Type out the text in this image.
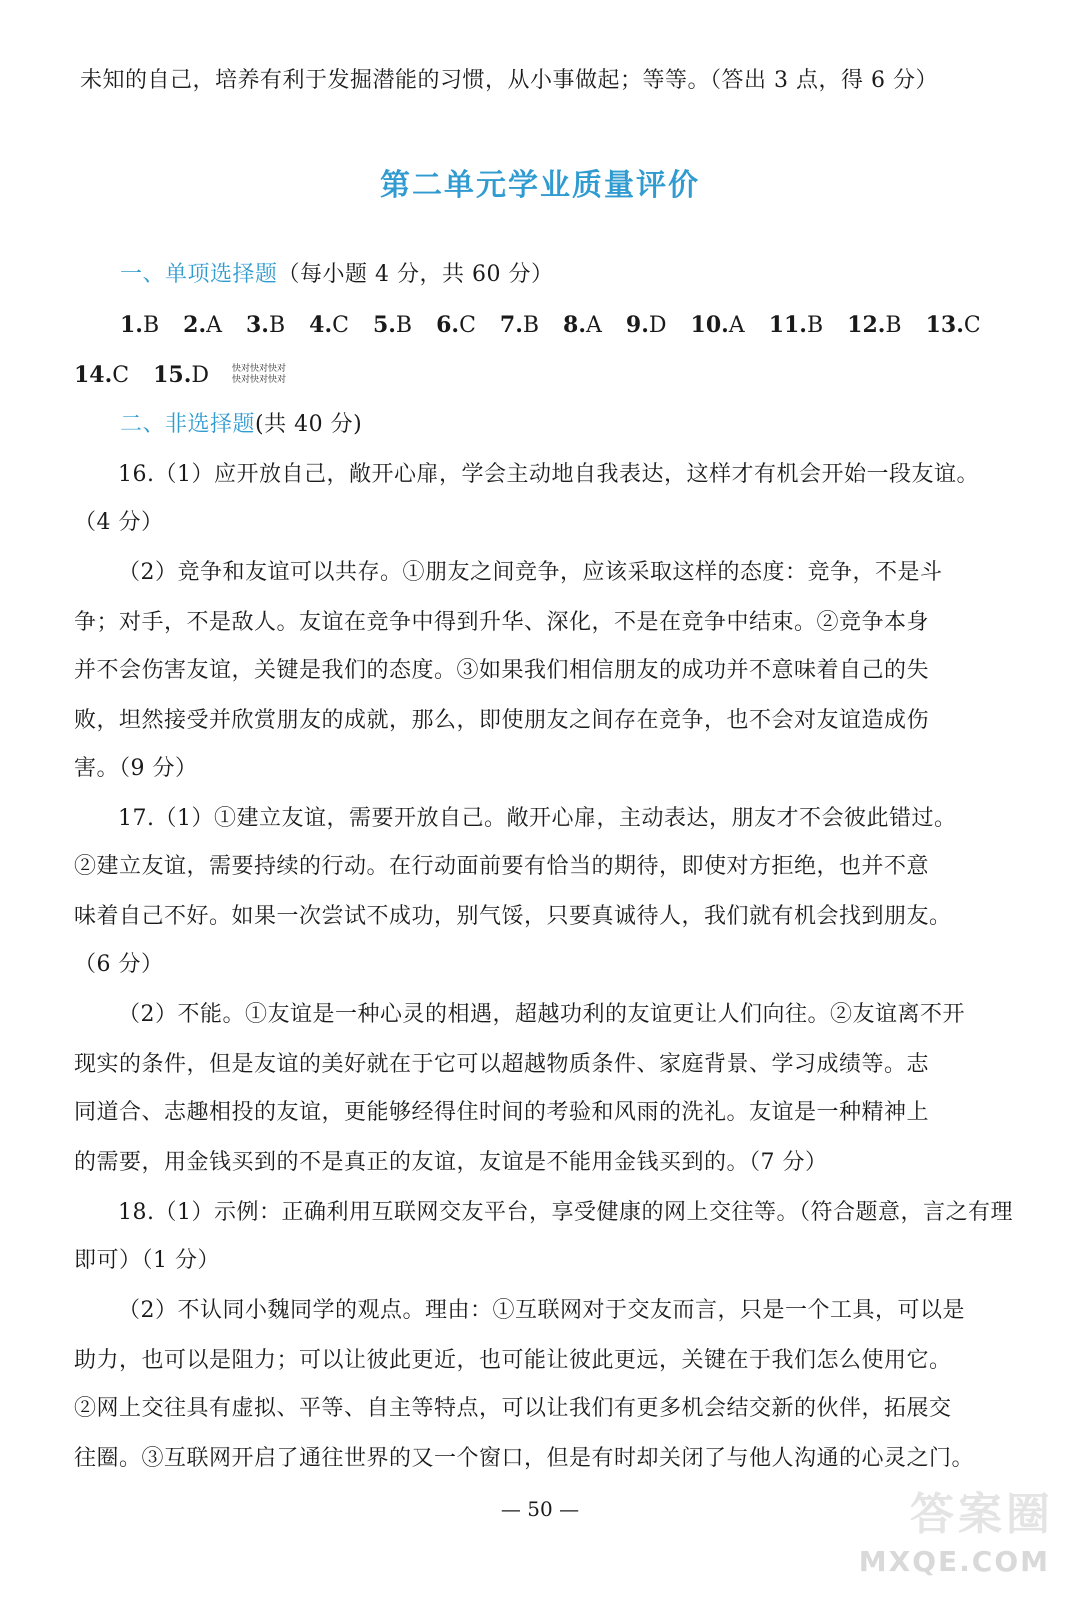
未知的自己，培养有利于发掘潜能的习惯，从小事做起；等等。（答出 3 点，得 6 分）
第二单元学业质量评价
一、单项选择题（每小题 4 分，共 60 分）
1.B 2.A 3.B 4.C 5.B 6.C 7.B 8.A 9.D 10.A 11.B 12.B 13.C
14.C 15.D	快对快对快对
快对快对快对
二、非选择题(共 40 分)
16.（1）应开放自己，敞开心扉，学会主动地自我表达，这样才有机会开始一段友谊。
（4 分）
（2）竞争和友谊可以共存。①朋友之间竞争，应该采取这样的态度：竞争，不是斗
争；对手，不是敌人。友谊在竞争中得到升华、深化，不是在竞争中结束。②竞争本身
并不会伤害友谊，关键是我们的态度。③如果我们相信朋友的成功并不意味着自己的失
败，坦然接受并欣赏朋友的成就，那么，即使朋友之间存在竞争，也不会对友谊造成伤
害。（9 分）
17.（1）①建立友谊，需要开放自己。敞开心扉，主动表达，朋友才不会彼此错过。
②建立友谊，需要持续的行动。在行动面前要有恰当的期待，即使对方拒绝，也并不意
味着自己不好。如果一次尝试不成功，别气馁，只要真诚待人，我们就有机会找到朋友。
（6 分）
（2）不能。①友谊是一种心灵的相遇，超越功利的友谊更让人们向往。②友谊离不开
现实的条件，但是友谊的美好就在于它可以超越物质条件、家庭背景、学习成绩等。志
同道合、志趣相投的友谊，更能够经得住时间的考验和风雨的洗礼。友谊是一种精神上
的需要，用金钱买到的不是真正的友谊，友谊是不能用金钱买到的。（7 分）
18.（1）示例：正确利用互联网交友平台，享受健康的网上交往等。（符合题意，言之有理
即可）（1 分）
（2）不认同小魏同学的观点。理由：①互联网对于交友而言，只是一个工具，可以是
助力，也可以是阻力；可以让彼此更近，也可能让彼此更远，关键在于我们怎么使用它。
②网上交往具有虚拟、平等、自主等特点，可以让我们有更多机会结交新的伙伴，拓展交
往圈。③互联网开启了通往世界的又一个窗口，但是有时却关闭了与他人沟通的心灵之门。
— 50 —	答案圈
MXQE.COM
